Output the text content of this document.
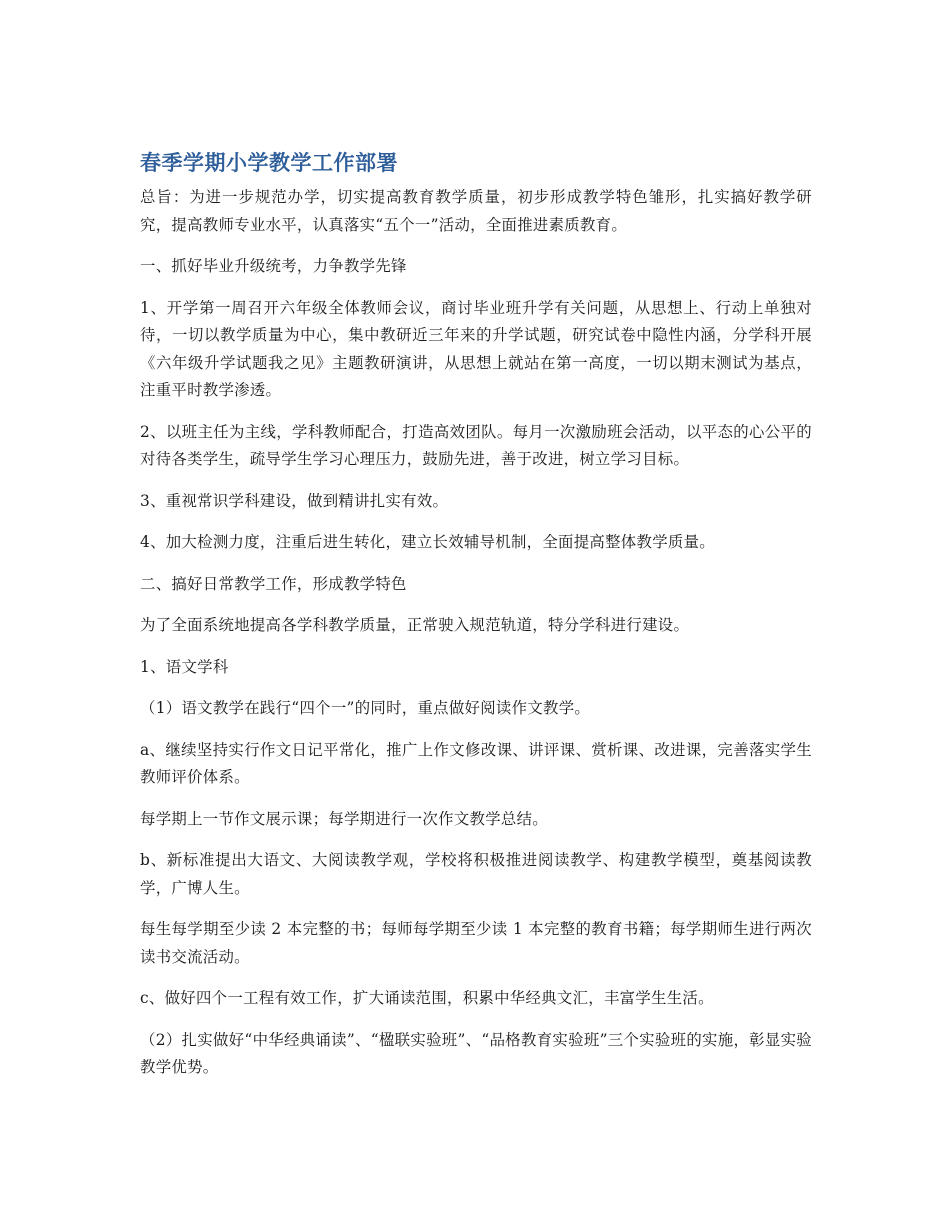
春季学期小学教学工作部署

总旨：为进一步规范办学，切实提高教育教学质量，初步形成教学特色雏形，扎实搞好教学研究，提高教师专业水平，认真落实“五个一”活动，全面推进素质教育。

一、抓好毕业升级统考，力争教学先锋

1、开学第一周召开六年级全体教师会议，商讨毕业班升学有关问题，从思想上、行动上单独对待，一切以教学质量为中心，集中教研近三年来的升学试题，研究试卷中隐性内涵，分学科开展《六年级升学试题我之见》主题教研演讲，从思想上就站在第一高度，一切以期末测试为基点，注重平时教学渗透。

2、以班主任为主线，学科教师配合，打造高效团队。每月一次激励班会活动，以平态的心公平的对待各类学生，疏导学生学习心理压力，鼓励先进，善于改进，树立学习目标。

3、重视常识学科建设，做到精讲扎实有效。

4、加大检测力度，注重后进生转化，建立长效辅导机制，全面提高整体教学质量。

二、搞好日常教学工作，形成教学特色

为了全面系统地提高各学科教学质量，正常驶入规范轨道，特分学科进行建设。

1、语文学科

（1）语文教学在践行“四个一”的同时，重点做好阅读作文教学。

a、继续坚持实行作文日记平常化，推广上作文修改课、讲评课、赏析课、改进课，完善落实学生教师评价体系。

每学期上一节作文展示课；每学期进行一次作文教学总结。

b、新标准提出大语文、大阅读教学观，学校将积极推进阅读教学、构建教学模型，奠基阅读教学，广博人生。

每生每学期至少读 2 本完整的书；每师每学期至少读 1 本完整的教育书籍；每学期师生进行两次读书交流活动。

c、做好四个一工程有效工作，扩大诵读范围，积累中华经典文汇，丰富学生生活。

（2）扎实做好“中华经典诵读”、“楹联实验班”、“品格教育实验班”三个实验班的实施，彰显实验教学优势。
